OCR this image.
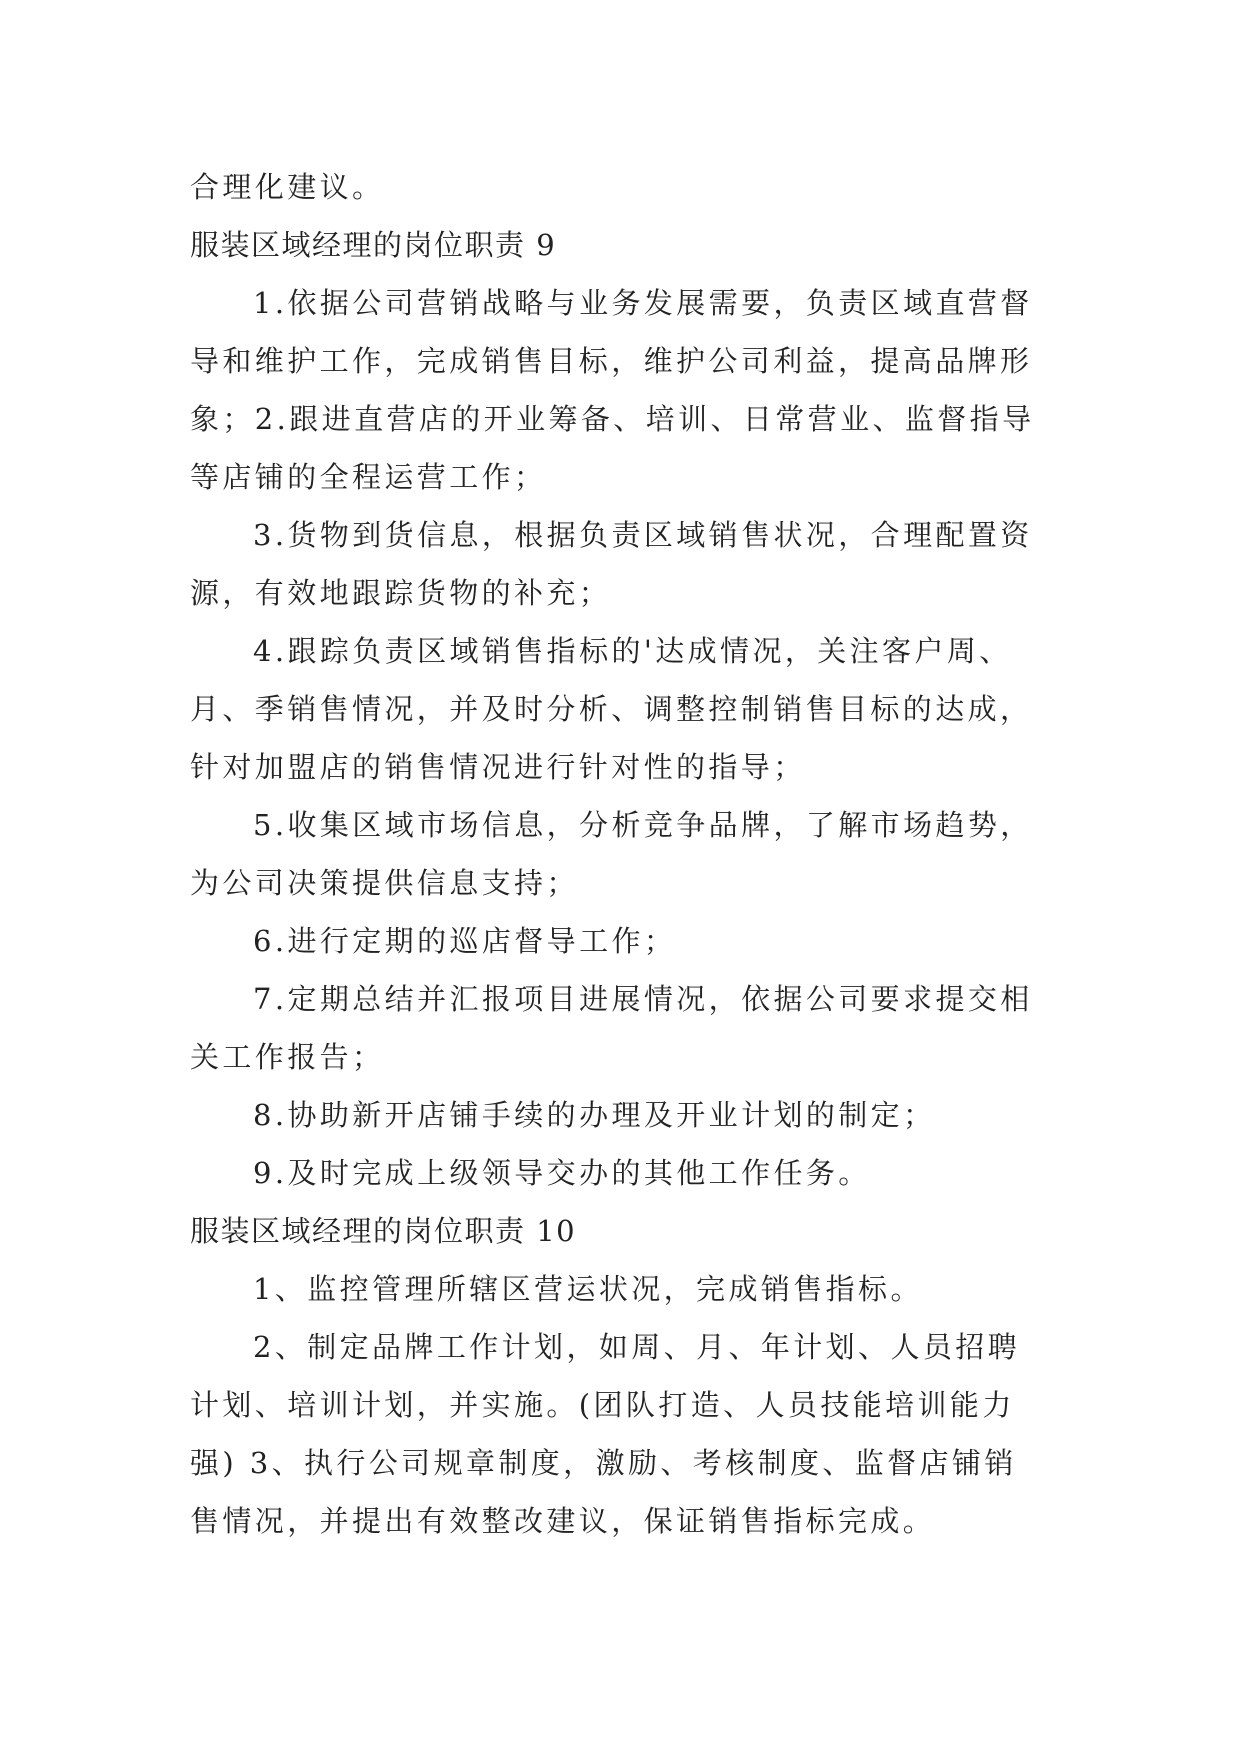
合理化建议。
服装区域经理的岗位职责 9
1.依据公司营销战略与业务发展需要，负责区域直营督
导和维护工作，完成销售目标，维护公司利益，提高品牌形
象；2.跟进直营店的开业筹备、培训、日常营业、监督指导
等店铺的全程运营工作；
3.货物到货信息，根据负责区域销售状况，合理配置资
源，有效地跟踪货物的补充；
4.跟踪负责区域销售指标的'达成情况，关注客户周、
月、季销售情况，并及时分析、调整控制销售目标的达成，
针对加盟店的销售情况进行针对性的指导；
5.收集区域市场信息，分析竞争品牌，了解市场趋势，
为公司决策提供信息支持；
6.进行定期的巡店督导工作；
7.定期总结并汇报项目进展情况，依据公司要求提交相
关工作报告；
8.协助新开店铺手续的办理及开业计划的制定；
9.及时完成上级领导交办的其他工作任务。
服装区域经理的岗位职责 10
1、监控管理所辖区营运状况，完成销售指标。
2、制定品牌工作计划，如周、月、年计划、人员招聘
计划、培训计划，并实施。(团队打造、人员技能培训能力
强) 3、执行公司规章制度，激励、考核制度、监督店铺销
售情况，并提出有效整改建议，保证销售指标完成。
